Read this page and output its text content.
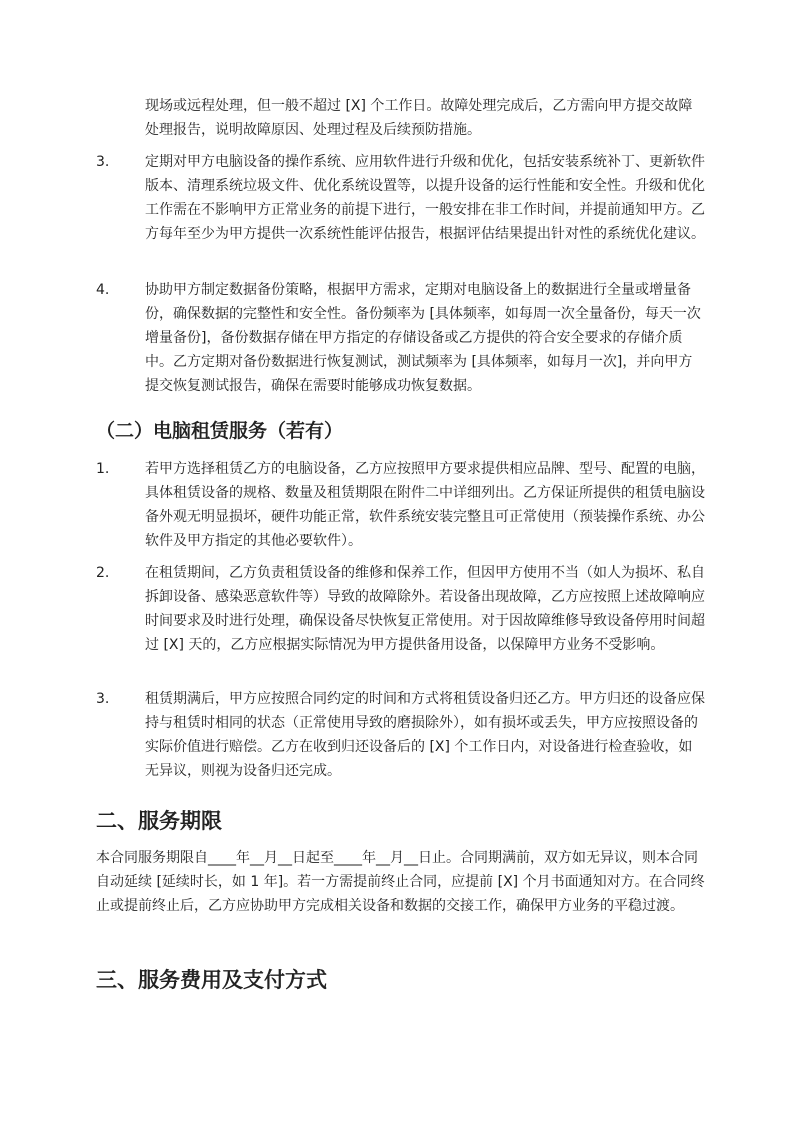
现场或远程处理，但一般不超过 [X] 个工作日。故障处理完成后，乙方需向甲方提交故障处理报告，说明故障原因、处理过程及后续预防措施。
3.	定期对甲方电脑设备的操作系统、应用软件进行升级和优化，包括安装系统补丁、更新软件版本、清理系统垃圾文件、优化系统设置等，以提升设备的运行性能和安全性。升级和优化工作需在不影响甲方正常业务的前提下进行，一般安排在非工作时间，并提前通知甲方。乙方每年至少为甲方提供一次系统性能评估报告，根据评估结果提出针对性的系统优化建议。
4.	协助甲方制定数据备份策略，根据甲方需求，定期对电脑设备上的数据进行全量或增量备份，确保数据的完整性和安全性。备份频率为 [具体频率，如每周一次全量备份，每天一次增量备份]，备份数据存储在甲方指定的存储设备或乙方提供的符合安全要求的存储介质中。乙方定期对备份数据进行恢复测试，测试频率为 [具体频率，如每月一次]，并向甲方提交恢复测试报告，确保在需要时能够成功恢复数据。
（二）电脑租赁服务（若有）
1.	若甲方选择租赁乙方的电脑设备，乙方应按照甲方要求提供相应品牌、型号、配置的电脑，具体租赁设备的规格、数量及租赁期限在附件二中详细列出。乙方保证所提供的租赁电脑设备外观无明显损坏，硬件功能正常，软件系统安装完整且可正常使用（预装操作系统、办公软件及甲方指定的其他必要软件）。
2.	在租赁期间，乙方负责租赁设备的维修和保养工作，但因甲方使用不当（如人为损坏、私自拆卸设备、感染恶意软件等）导致的故障除外。若设备出现故障，乙方应按照上述故障响应时间要求及时进行处理，确保设备尽快恢复正常使用。对于因故障维修导致设备停用时间超过 [X] 天的，乙方应根据实际情况为甲方提供备用设备，以保障甲方业务不受影响。
3.	租赁期满后，甲方应按照合同约定的时间和方式将租赁设备归还乙方。甲方归还的设备应保持与租赁时相同的状态（正常使用导致的磨损除外），如有损坏或丢失，甲方应按照设备的实际价值进行赔偿。乙方在收到归还设备后的 [X] 个工作日内，对设备进行检查验收，如无异议，则视为设备归还完成。
二、服务期限
本合同服务期限自____年__月__日起至____年__月__日止。合同期满前，双方如无异议，则本合同自动延续 [延续时长，如 1 年]。若一方需提前终止合同，应提前 [X] 个月书面通知对方。在合同终止或提前终止后，乙方应协助甲方完成相关设备和数据的交接工作，确保甲方业务的平稳过渡。
三、服务费用及支付方式
